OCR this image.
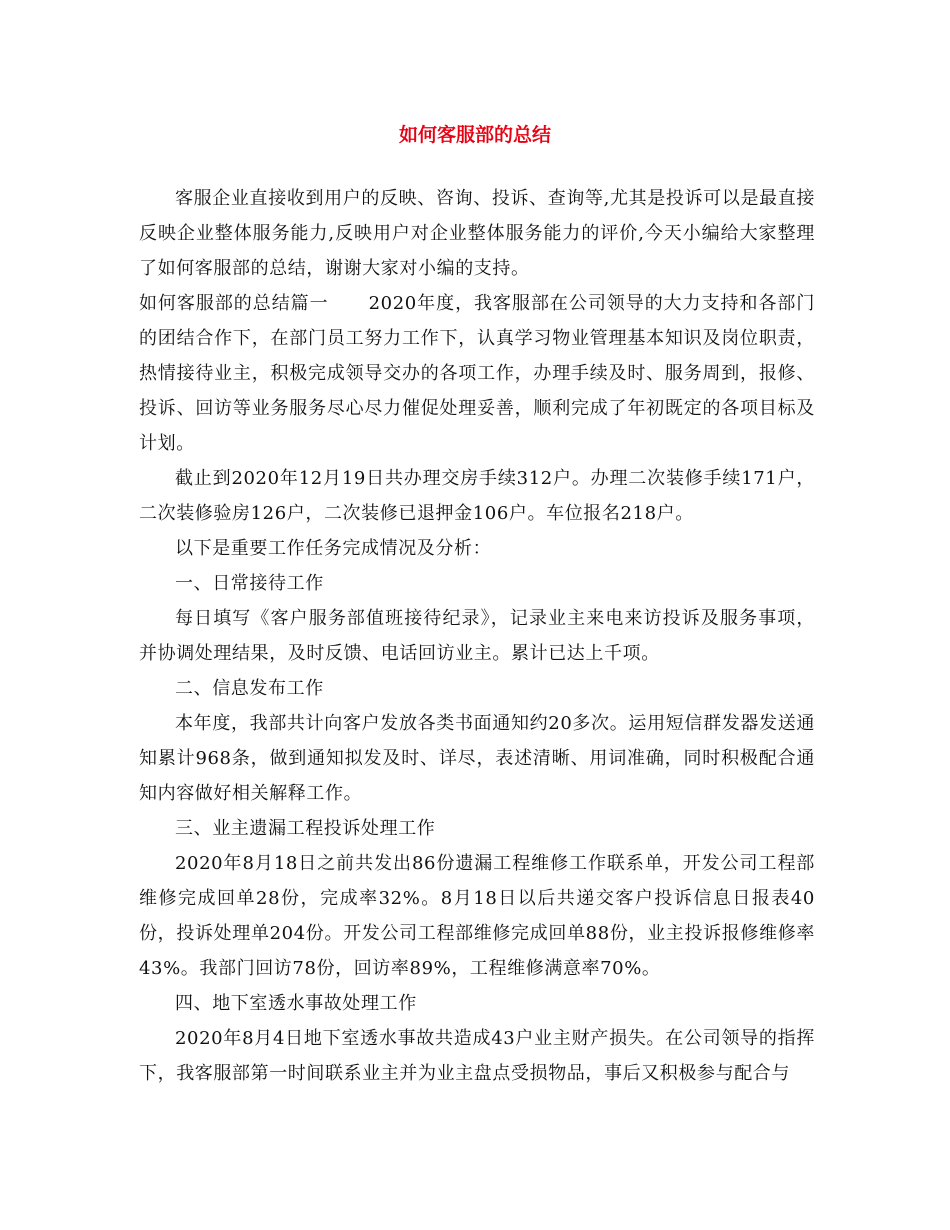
如何客服部的总结

客服企业直接收到用户的反映、咨询、投诉、查询等,尤其是投诉可以是最直接反映企业整体服务能力,反映用户对企业整体服务能力的评价,今天小编给大家整理了如何客服部的总结，谢谢大家对小编的支持。

如何客服部的总结篇一 2020年度，我客服部在公司领导的大力支持和各部门的团结合作下，在部门员工努力工作下，认真学习物业管理基本知识及岗位职责，热情接待业主，积极完成领导交办的各项工作，办理手续及时、服务周到，报修、投诉、回访等业务服务尽心尽力催促处理妥善，顺利完成了年初既定的各项目标及计划。

截止到2020年12月19日共办理交房手续312户。办理二次装修手续171户，二次装修验房126户，二次装修已退押金106户。车位报名218户。

以下是重要工作任务完成情况及分析：

一、日常接待工作

每日填写《客户服务部值班接待纪录》，记录业主来电来访投诉及服务事项，并协调处理结果，及时反馈、电话回访业主。累计已达上千项。

二、信息发布工作

本年度，我部共计向客户发放各类书面通知约20多次。运用短信群发器发送通知累计968条，做到通知拟发及时、详尽，表述清晰、用词准确，同时积极配合通知内容做好相关解释工作。

三、业主遗漏工程投诉处理工作

2020年8月18日之前共发出86份遗漏工程维修工作联系单，开发公司工程部维修完成回单28份，完成率32%。8月18日以后共递交客户投诉信息日报表40份，投诉处理单204份。开发公司工程部维修完成回单88份，业主投诉报修维修率43%。我部门回访78份，回访率89%，工程维修满意率70%。

四、地下室透水事故处理工作

2020年8月4日地下室透水事故共造成43户业主财产损失。在公司领导的指挥下，我客服部第一时间联系业主并为业主盘点受损物品，事后又积极参与配合与
